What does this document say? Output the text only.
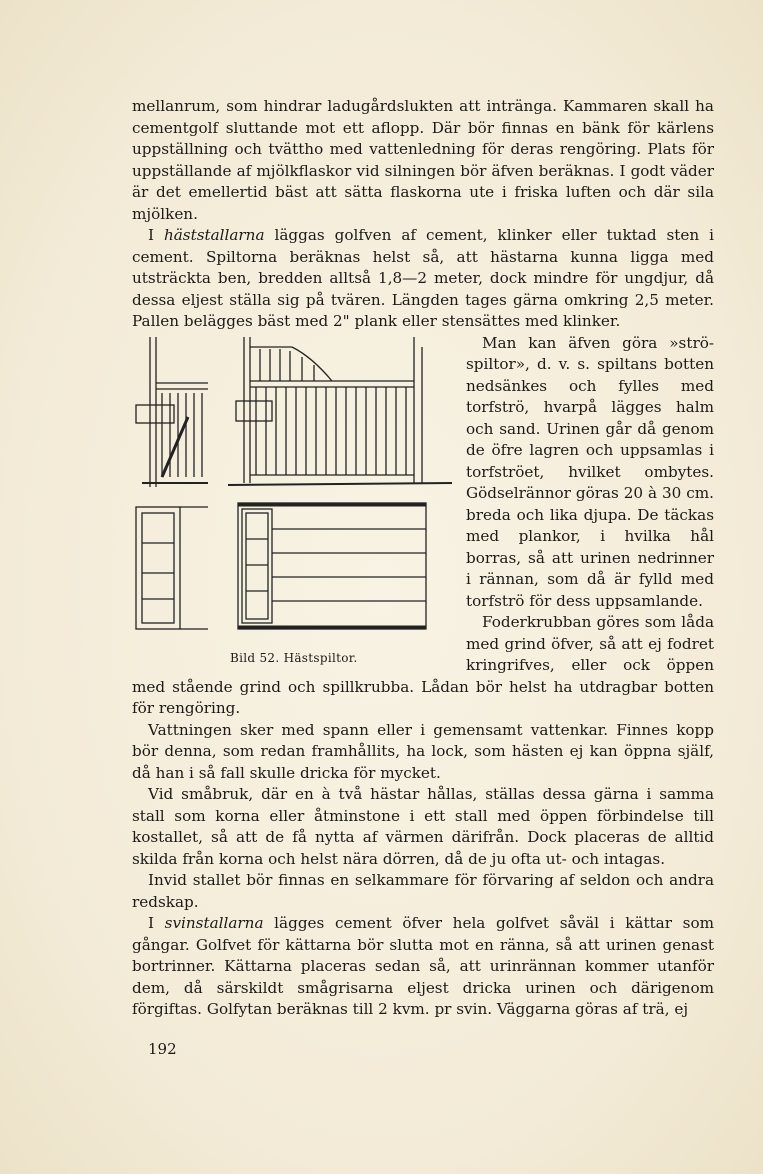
mellanrum, som hindrar ladugårdslukten att intränga. Kammaren skall ha cementgolf sluttande mot ett aflopp. Där bör finnas en bänk för kärlens uppställning och tvättho med vattenledning för deras rengöring. Plats för uppställande af mjölkflaskor vid silningen bör äfven beräknas. I godt väder är det emellertid bäst att sätta flaskorna ute i friska luften och där sila mjölken.

I häststallarna läggas golfven af cement, klinker eller tuktad sten i cement. Spiltorna beräknas helst så, att hästarna kunna ligga med utsträckta ben, bredden alltså 1,8—2 meter, dock mindre för ungdjur, då dessa eljest ställa sig på tvären. Längden tages gärna omkring 2,5 meter. Pallen belägges bäst med 2" plank eller stensättes med klinker.

Bild 52. Hästspiltor.

Man kan äfven göra »strö-spiltor», d. v. s. spiltans botten nedsänkes och fylles med torfströ, hvarpå lägges halm och sand. Urinen går då genom de öfre lagren och uppsamlas i torfströet, hvilket ombytes. Gödselrännor göras 20 à 30 cm. breda och lika djupa. De täckas med plankor, i hvilka hål borras, så att urinen nedrinner i rännan, som då är fylld med torfströ för dess uppsamlande.

Foderkrubban göres som låda med grind öfver, så att ej fodret kringrifves, eller ock öppen med stående grind och spillkrubba. Lådan bör helst ha utdragbar botten för rengöring.

Vattningen sker med spann eller i gemensamt vattenkar. Finnes kopp bör denna, som redan framhållits, ha lock, som hästen ej kan öppna själf, då han i så fall skulle dricka för mycket.

Vid småbruk, där en à två hästar hållas, ställas dessa gärna i samma stall som korna eller åtminstone i ett stall med öppen förbindelse till kostallet, så att de få nytta af värmen därifrån. Dock placeras de alltid skilda från korna och helst nära dörren, då de ju ofta ut- och intagas.

Invid stallet bör finnas en selkammare för förvaring af seldon och andra redskap.

I svinstallarna lägges cement öfver hela golfvet såväl i kättar som gångar. Golfvet för kättarna bör slutta mot en ränna, så att urinen genast bortrinner. Kättarna placeras sedan så, att urinrännan kommer utanför dem, då särskildt smågrisarna eljest dricka urinen och därigenom förgiftas. Golfytan beräknas till 2 kvm. pr svin. Väggarna göras af trä, ej

192
